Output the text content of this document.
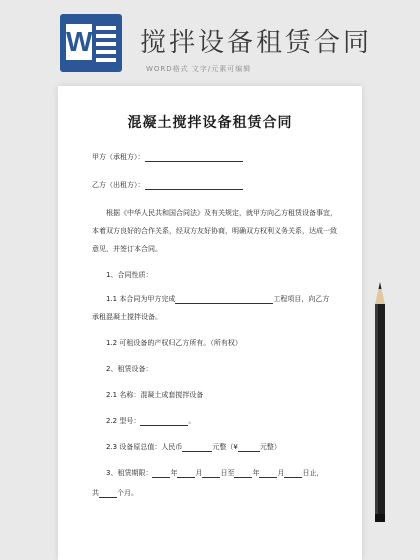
W 搅拌设备租赁合同
WORD格式 文字/元素可编辑
混凝土搅拌设备租赁合同
甲方（承租方）：
乙方（出租方）：
根据《中华人民共和国合同法》及有关规定，就甲方向乙方租赁设备事宜，
本着双方良好的合作关系，经双方友好协商，明确双方权利义务关系，达成一致
意见，并签订本合同。
1、合同性质：
1.1 本合同为甲方完成	工程项目，向乙方
承租混凝土搅拌设备。
1.2 可租设备的产权归乙方所有。（所有权）
2、租赁设备：
2.1 名称：混凝土成套搅拌设备
2.2 型号：	。
2.3 设备原总值：人民币	元整（¥	元整）
3、租赁期限：	年	月	日至	年	月	日止，
共	个月。
